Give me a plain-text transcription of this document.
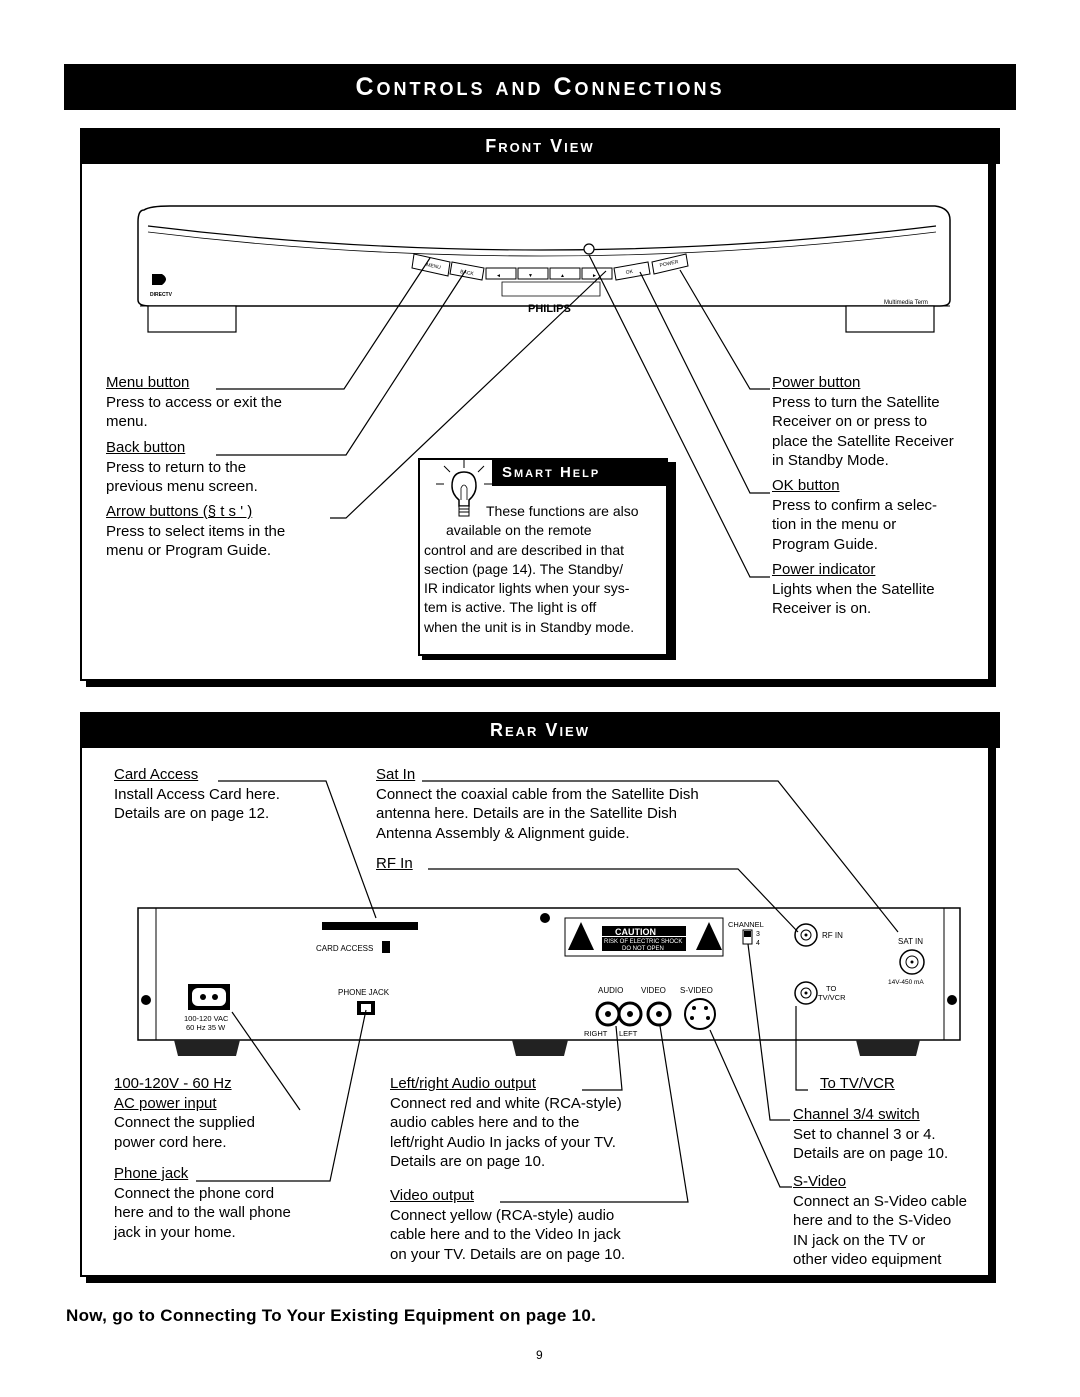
Controls and Connections
Front View
MENU
BACK	◄	▼	▲	►
OK
POWER
PHILIPS	Multimedia Term
DIRECTV
Menu button
Press to access or exit the
menu.
Back button
Press to return to the
previous menu screen.
Arrow buttons (§ t s ' )
Press to select items in the
menu or Program Guide.
Power button
Press to turn the Satellite
Receiver on or press to
place the Satellite Receiver
in Standby Mode.
OK button
Press to confirm a selec-
tion in the menu or
Program Guide.
Power indicator
Lights when the Satellite
Receiver is on.
Smart Help
These functions are also
available on the remote
control and are described in that
section (page 14). The Standby/
IR indicator lights when your sys-
tem is active. The light is off
when the unit is in Standby mode.
Rear View
CARD ACCESS
100-120 VAC
60 Hz 35 W
PHONE JACK
CAUTION
RISK OF ELECTRIC SHOCK
DO NOT OPEN
AUDIO VIDEO S-VIDEO
RIGHT LEFT
CHANNEL
3
4
RF IN
TO
TV/VCR
SAT IN
14V-450 mA
Card Access
Install Access Card here.
Details are on page 12.
Sat In
Connect the coaxial cable from the Satellite Dish
antenna here. Details are in the Satellite Dish
Antenna Assembly & Alignment guide.
RF In
100-120V - 60 Hz
AC power input
Connect the supplied
power cord here.
Phone jack
Connect the phone cord
here and to the wall phone
jack in your home.
Left/right Audio output
Connect red and white (RCA-style)
audio cables here and to the
left/right Audio In jacks of your TV.
Details are on page 10.
Video output
Connect yellow (RCA-style) audio
cable here and to the Video In jack
on your TV. Details are on page 10.
To TV/VCR
Channel 3/4 switch
Set to channel 3 or 4.
Details are on page 10.
S-Video
Connect an S-Video cable
here and to the S-Video
IN jack on the TV or
other video equipment
Now, go to Connecting To Your Existing Equipment on page 10.
9
